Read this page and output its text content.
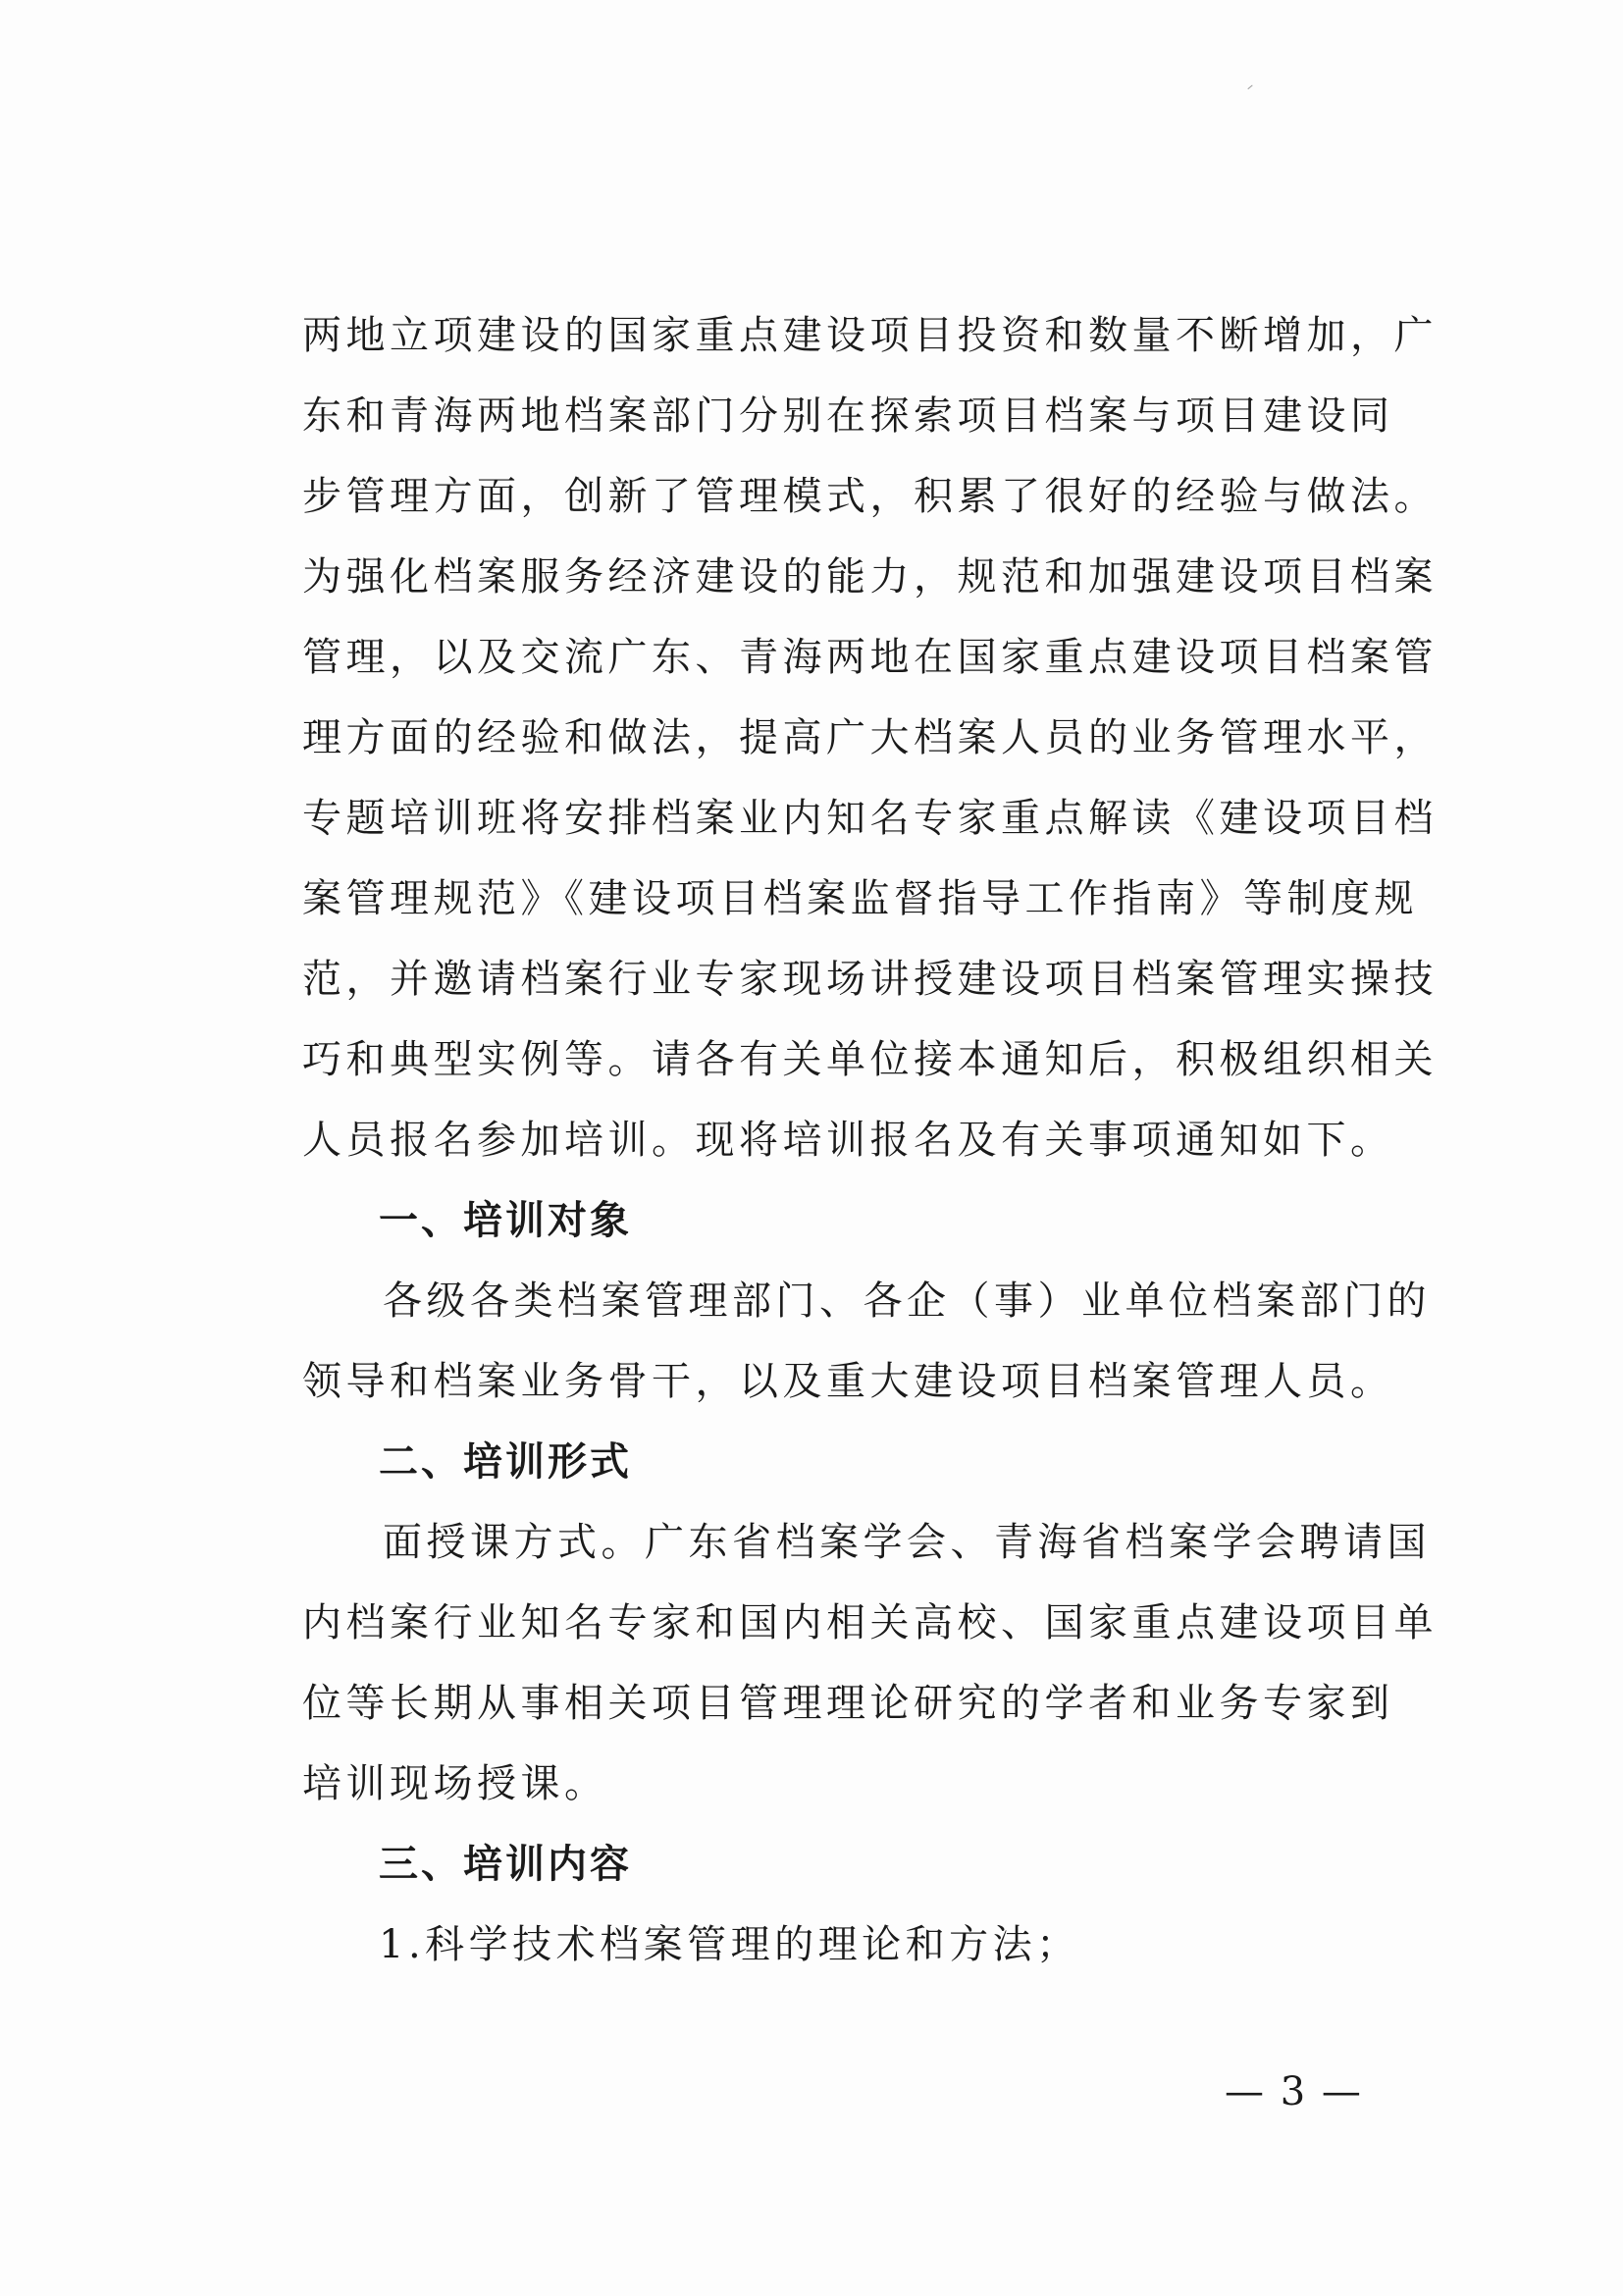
两地立项建设的国家重点建设项目投资和数量不断增加，广
东和青海两地档案部门分别在探索项目档案与项目建设同
步管理方面，创新了管理模式，积累了很好的经验与做法。
为强化档案服务经济建设的能力，规范和加强建设项目档案
管理，以及交流广东、青海两地在国家重点建设项目档案管
理方面的经验和做法，提高广大档案人员的业务管理水平，
专题培训班将安排档案业内知名专家重点解读《建设项目档
案管理规范》《建设项目档案监督指导工作指南》等制度规
范，并邀请档案行业专家现场讲授建设项目档案管理实操技
巧和典型实例等。请各有关单位接本通知后，积极组织相关
人员报名参加培训。现将培训报名及有关事项通知如下。
一、培训对象
各级各类档案管理部门、各企（事）业单位档案部门的
领导和档案业务骨干，以及重大建设项目档案管理人员。
二、培训形式
面授课方式。广东省档案学会、青海省档案学会聘请国
内档案行业知名专家和国内相关高校、国家重点建设项目单
位等长期从事相关项目管理理论研究的学者和业务专家到
培训现场授课。
三、培训内容
1.科学技术档案管理的理论和方法；
— 3 —
